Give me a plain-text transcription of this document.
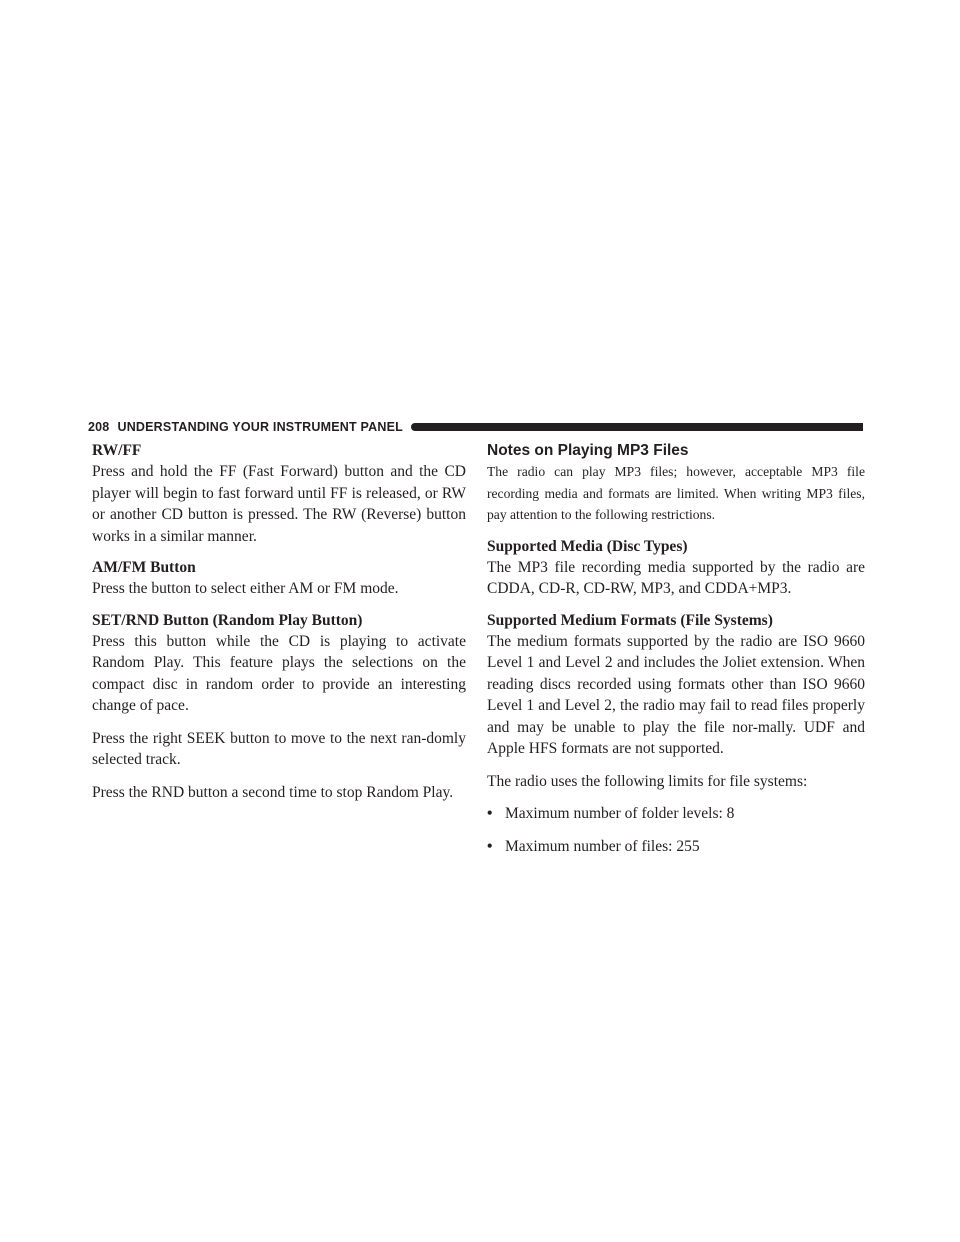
208 UNDERSTANDING YOUR INSTRUMENT PANEL
RW/FF

Press and hold the FF (Fast Forward) button and the CD player will begin to fast forward until FF is released, or RW or another CD button is pressed. The RW (Reverse) button works in a similar manner.

AM/FM Button

Press the button to select either AM or FM mode.

SET/RND Button (Random Play Button)

Press this button while the CD is playing to activate Random Play. This feature plays the selections on the compact disc in random order to provide an interesting change of pace.

Press the right SEEK button to move to the next ran-domly selected track.

Press the RND button a second time to stop Random Play.

Notes on Playing MP3 Files

The radio can play MP3 files; however, acceptable MP3 file recording media and formats are limited. When writing MP3 files, pay attention to the following restrictions.

Supported Media (Disc Types)

The MP3 file recording media supported by the radio are CDDA, CD-R, CD-RW, MP3, and CDDA+MP3.

Supported Medium Formats (File Systems)

The medium formats supported by the radio are ISO 9660 Level 1 and Level 2 and includes the Joliet extension. When reading discs recorded using formats other than ISO 9660 Level 1 and Level 2, the radio may fail to read files properly and may be unable to play the file nor-mally. UDF and Apple HFS formats are not supported.

The radio uses the following limits for file systems:

• Maximum number of folder levels: 8
• Maximum number of files: 255
